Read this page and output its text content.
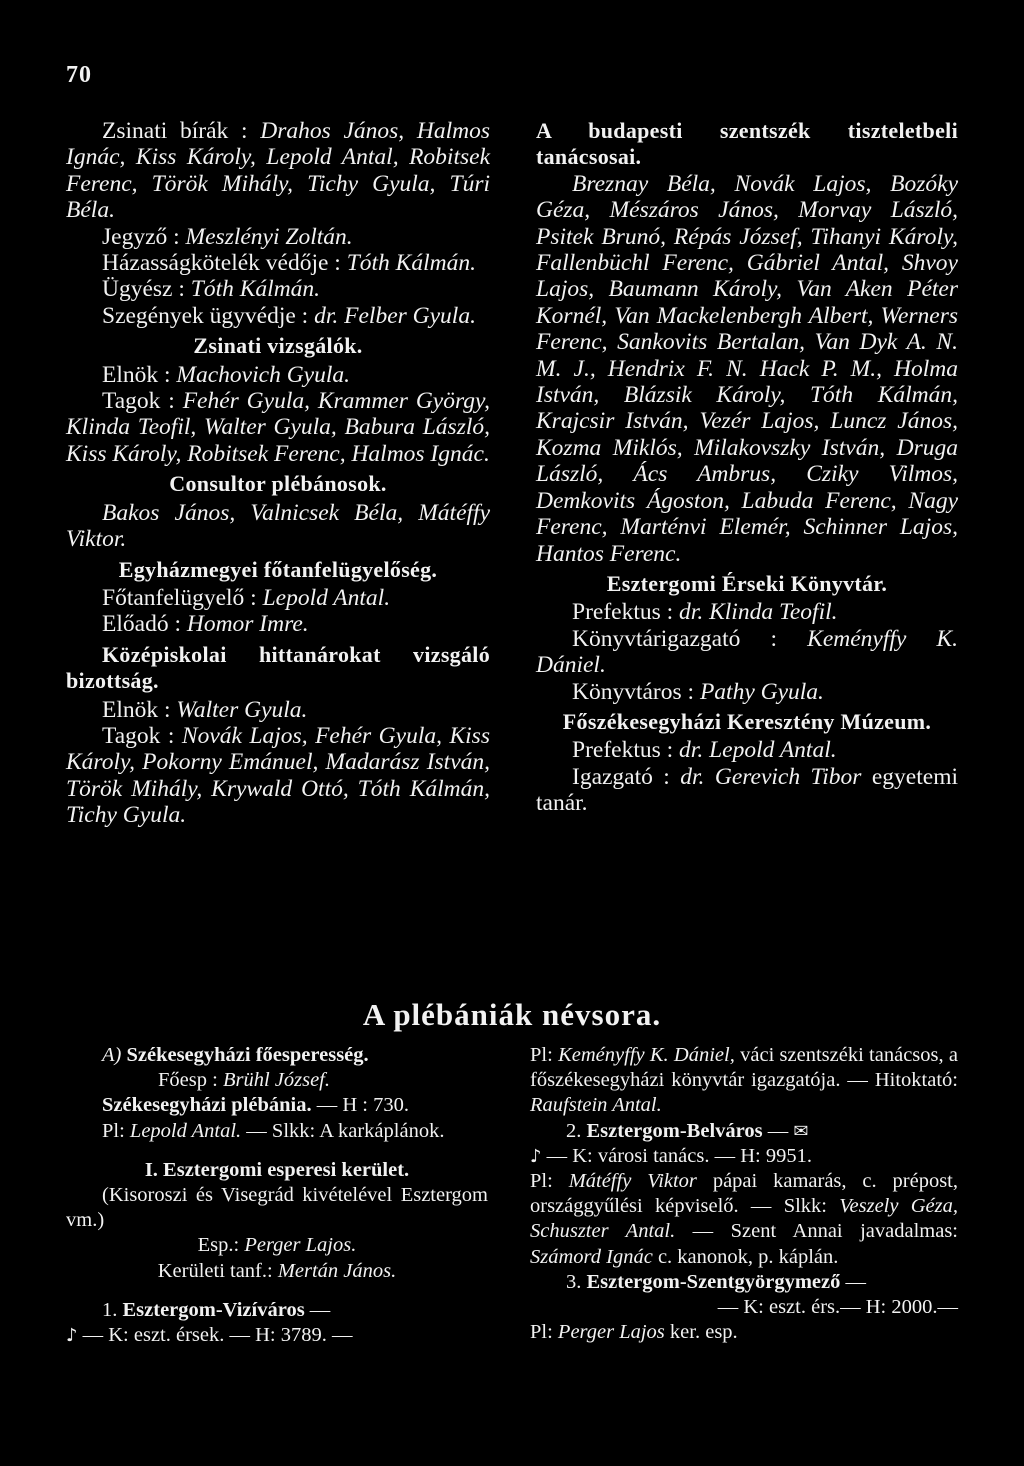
70

Zsinati bírák : Drahos János, Halmos Ignác, Kiss Károly, Lepold Antal, Robitsek Ferenc, Török Mihály, Tichy Gyula, Túri Béla.

Jegyző : Meszlényi Zoltán.

Házasságkötelék védője : Tóth Kálmán.

Ügyész : Tóth Kálmán.

Szegények ügyvédje : dr. Felber Gyula.

Zsinati vizsgálók.

Elnök : Machovich Gyula.

Tagok : Fehér Gyula, Krammer György, Klinda Teofil, Walter Gyula, Babura László, Kiss Károly, Robitsek Ferenc, Halmos Ignác.

Consultor plébánosok.

Bakos János, Valnicsek Béla, Mátéffy Viktor.

Egyházmegyei főtanfelügyelőség.

Főtanfelügyelő : Lepold Antal.

Előadó : Homor Imre.

Középiskolai hittanárokat vizsgáló bizottság.

Elnök : Walter Gyula.

Tagok : Novák Lajos, Fehér Gyula, Kiss Károly, Pokorny Emánuel, Madarász István, Török Mihály, Krywald Ottó, Tóth Kálmán, Tichy Gyula.

A budapesti szentszék tiszteletbeli tanácsosai.

Breznay Béla, Novák Lajos, Bozóky Géza, Mészáros János, Morvay László, Psitek Brunó, Répás József, Tihanyi Károly, Fallenbüchl Ferenc, Gábriel Antal, Shvoy Lajos, Baumann Károly, Van Aken Péter Kornél, Van Mackelenbergh Albert, Werners Ferenc, Sankovits Bertalan, Van Dyk A. N. M. J., Hendrix F. N. Hack P. M., Holma István, Blázsik Károly, Tóth Kálmán, Krajcsir István, Vezér Lajos, Luncz János, Kozma Miklós, Milakovszky István, Druga László, Ács Ambrus, Cziky Vilmos, Demkovits Ágoston, Labuda Ferenc, Nagy Ferenc, Marténvi Elemér, Schinner Lajos, Hantos Ferenc.

Esztergomi Érseki Könyvtár.

Prefektus : dr. Klinda Teofil.

Könyvtárigazgató : Keményffy K. Dániel.

Könyvtáros : Pathy Gyula.

Főszékesegyházi Keresztény Múzeum.

Prefektus : dr. Lepold Antal.

Igazgató : dr. Gerevich Tibor egyetemi tanár.

A plébániák névsora.

A) Székesegyházi főesperesség.

Főesp : Brühl József.

Székesegyházi plébánia. — H : 730.

Pl: Lepold Antal. — Slkk: A karkáplánok.

I. Esztergomi esperesi kerület.

(Kisoroszi és Visegrád kivételével Esztergom vm.)

Esp.: Perger Lajos.

Kerületi tanf.: Mertán János.

1. Esztergom-Vizíváros —

♪ — K: eszt. érsek. — H: 3789. —

Pl: Keményffy K. Dániel, váci szentszéki tanácsos, a főszékesegyházi könyvtár igazgatója. — Hitoktató: Raufstein Antal.

2. Esztergom-Belváros — ✉

♪ — K: városi tanács. — H: 9951.

Pl: Mátéffy Viktor pápai kamarás, c. prépost, országgyűlési képviselő. — Slkk: Veszely Géza, Schuszter Antal. — Szent Annai javadalmas: Számord Ignác c. kanonok, p. káplán.

3. Esztergom-Szentgyörgymező —

— K: eszt. érs.— H: 2000.—

Pl: Perger Lajos ker. esp.
